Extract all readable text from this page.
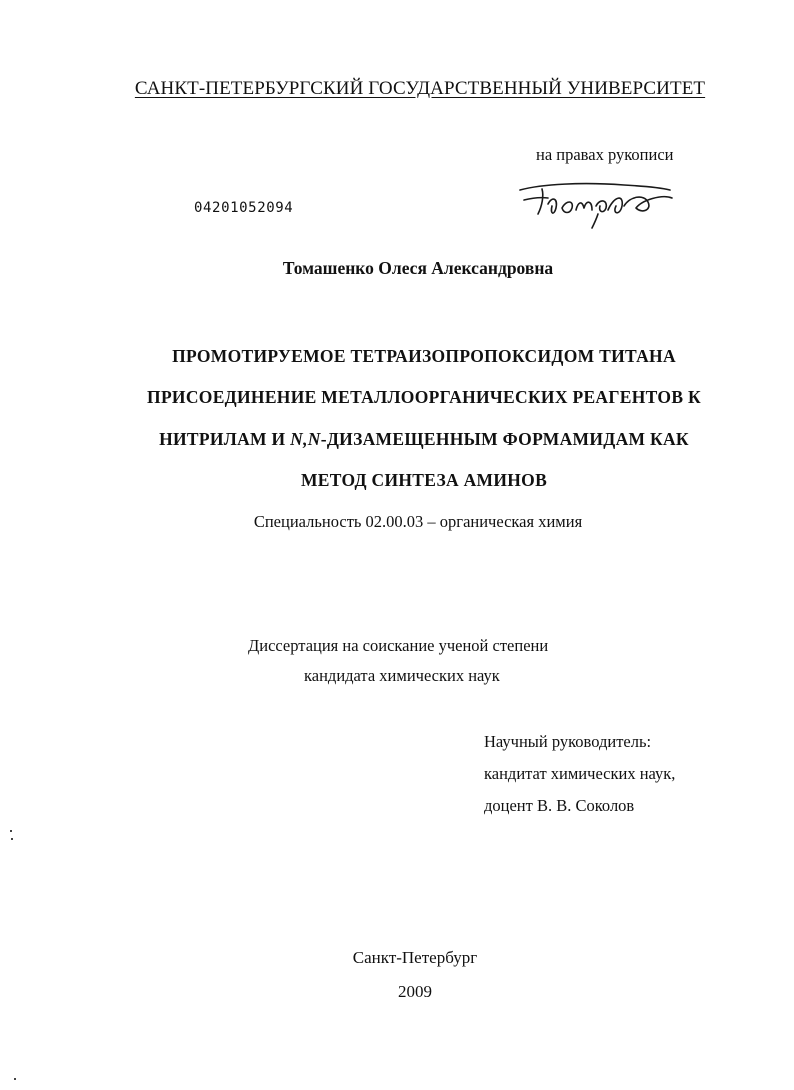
САНКТ-ПЕТЕРБУРГСКИЙ ГОСУДАРСТВЕННЫЙ УНИВЕРСИТЕТ
на правах рукописи
04201052094
Томашенко Олеся Александровна
ПРОМОТИРУЕМОЕ ТЕТРАИЗОПРОПОКСИДОМ ТИТАНА
ПРИСОЕДИНЕНИЕ МЕТАЛЛООРГАНИЧЕСКИХ РЕАГЕНТОВ К
НИТРИЛАМ И N,N-ДИЗАМЕЩЕННЫМ ФОРМАМИДАМ КАК
МЕТОД СИНТЕЗА АМИНОВ
Специальность 02.00.03 – органическая химия
Диссертация на соискание ученой степени
кандидата химических наук
Научный руководитель:
кандитат химических наук,
доцент В. В. Соколов
Санкт-Петербург
2009
